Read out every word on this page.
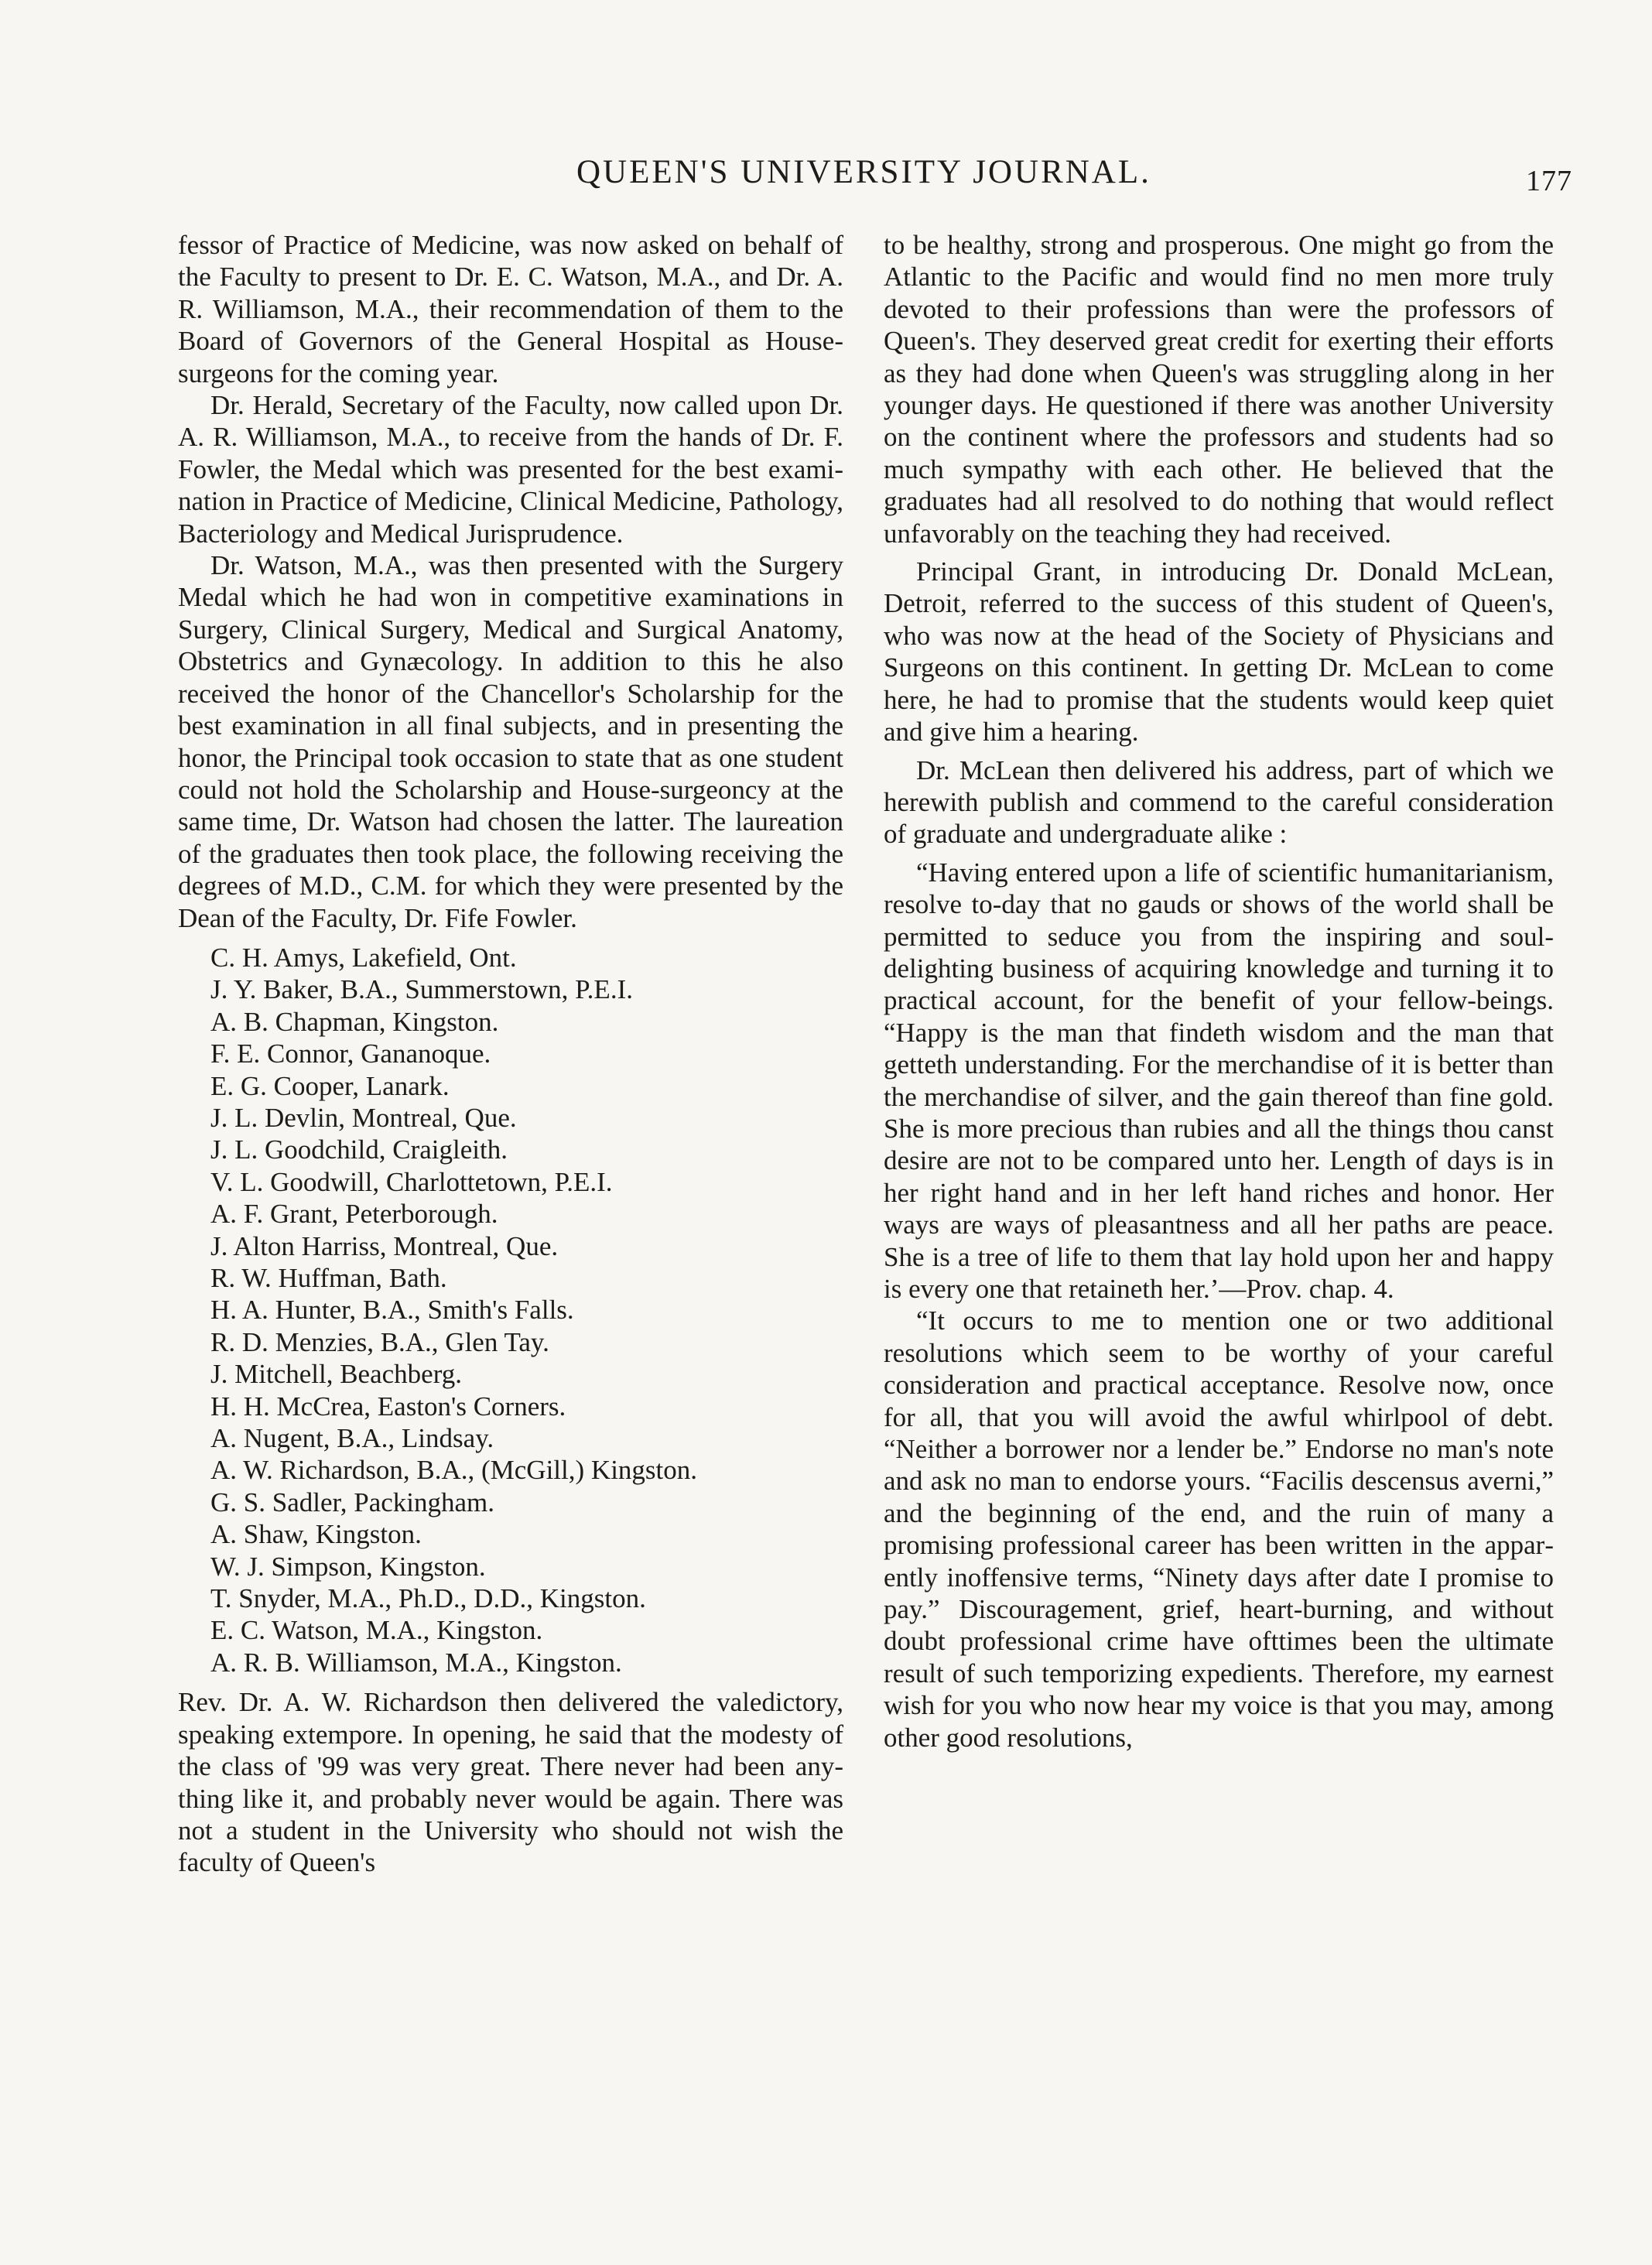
QUEEN'S UNIVERSITY JOURNAL.	177

fessor of Practice of Medicine, was now asked on behalf of the Faculty to present to Dr. E. C. Watson, M.A., and Dr. A. R. Williamson, M.A., their recommendation of them to the Board of Governors of the General Hospital as House-surgeons for the coming year.

Dr. Herald, Secretary of the Faculty, now called upon Dr. A. R. Williamson, M.A., to receive from the hands of Dr. F. Fowler, the Medal which was presented for the best examination in Practice of Medicine, Clinical Medicine, Pathology, Bacteriology and Medical Jurisprudence.

Dr. Watson, M.A., was then presented with the Surgery Medal which he had won in competitive examinations in Surgery, Clinical Surgery, Medical and Surgical Anatomy, Obstetrics and Gynæcology. In addition to this he also received the honor of the Chancellor's Scholarship for the best examination in all final subjects, and in presenting the honor, the Principal took occasion to state that as one student could not hold the Scholarship and House-surgeoncy at the same time, Dr. Watson had chosen the latter. The laureation of the graduates then took place, the following receiving the degrees of M.D., C.M. for which they were presented by the Dean of the Faculty, Dr. Fife Fowler.

C. H. Amys, Lakefield, Ont.
J. Y. Baker, B.A., Summerstown, P.E.I.
A. B. Chapman, Kingston.
F. E. Connor, Gananoque.
E. G. Cooper, Lanark.
J. L. Devlin, Montreal, Que.
J. L. Goodchild, Craigleith.
V. L. Goodwill, Charlottetown, P.E.I.
A. F. Grant, Peterborough.
J. Alton Harriss, Montreal, Que.
R. W. Huffman, Bath.
H. A. Hunter, B.A., Smith's Falls.
R. D. Menzies, B.A., Glen Tay.
J. Mitchell, Beachberg.
H. H. McCrea, Easton's Corners.
A. Nugent, B.A., Lindsay.
A. W. Richardson, B.A., (McGill,) Kingston.
G. S. Sadler, Packingham.
A. Shaw, Kingston.
W. J. Simpson, Kingston.
T. Snyder, M.A., Ph.D., D.D., Kingston.
E. C. Watson, M.A., Kingston.
A. R. B. Williamson, M.A., Kingston.

Rev. Dr. A. W. Richardson then delivered the valedictory, speaking extempore. In opening, he said that the modesty of the class of '99 was very great. There never had been anything like it, and probably never would be again. There was not a student in the University who should not wish the faculty of Queen's

to be healthy, strong and prosperous. One might go from the Atlantic to the Pacific and would find no men more truly devoted to their professions than were the professors of Queen's. They deserved great credit for exerting their efforts as they had done when Queen's was struggling along in her younger days. He questioned if there was another University on the continent where the professors and students had so much sympathy with each other. He believed that the graduates had all resolved to do nothing that would reflect unfavorably on the teaching they had received.

Principal Grant, in introducing Dr. Donald McLean, Detroit, referred to the success of this student of Queen's, who was now at the head of the Society of Physicians and Surgeons on this continent. In getting Dr. McLean to come here, he had to promise that the students would keep quiet and give him a hearing.

Dr. McLean then delivered his address, part of which we herewith publish and commend to the careful consideration of graduate and undergraduate alike :

“Having entered upon a life of scientific humanitarianism, resolve to-day that no gauds or shows of the world shall be permitted to seduce you from the inspiring and soul-delighting business of acquiring knowledge and turning it to practical account, for the benefit of your fellow-beings. “Happy is the man that findeth wisdom and the man that getteth understanding. For the merchandise of it is better than the merchandise of silver, and the gain thereof than fine gold. She is more precious than rubies and all the things thou canst desire are not to be compared unto her. Length of days is in her right hand and in her left hand riches and honor. Her ways are ways of pleasantness and all her paths are peace. She is a tree of life to them that lay hold upon her and happy is every one that retaineth her.’—Prov. chap. 4.

“It occurs to me to mention one or two additional resolutions which seem to be worthy of your careful consideration and practical acceptance. Resolve now, once for all, that you will avoid the awful whirlpool of debt. “Neither a borrower nor a lender be.” Endorse no man's note and ask no man to endorse yours. “Facilis descensus averni,” and the beginning of the end, and the ruin of many a promising professional career has been written in the apparently inoffensive terms, “Ninety days after date I promise to pay.” Discouragement, grief, heart-burning, and without doubt professional crime have ofttimes been the ultimate result of such temporizing expedients. Therefore, my earnest wish for you who now hear my voice is that you may, among other good resolutions,
